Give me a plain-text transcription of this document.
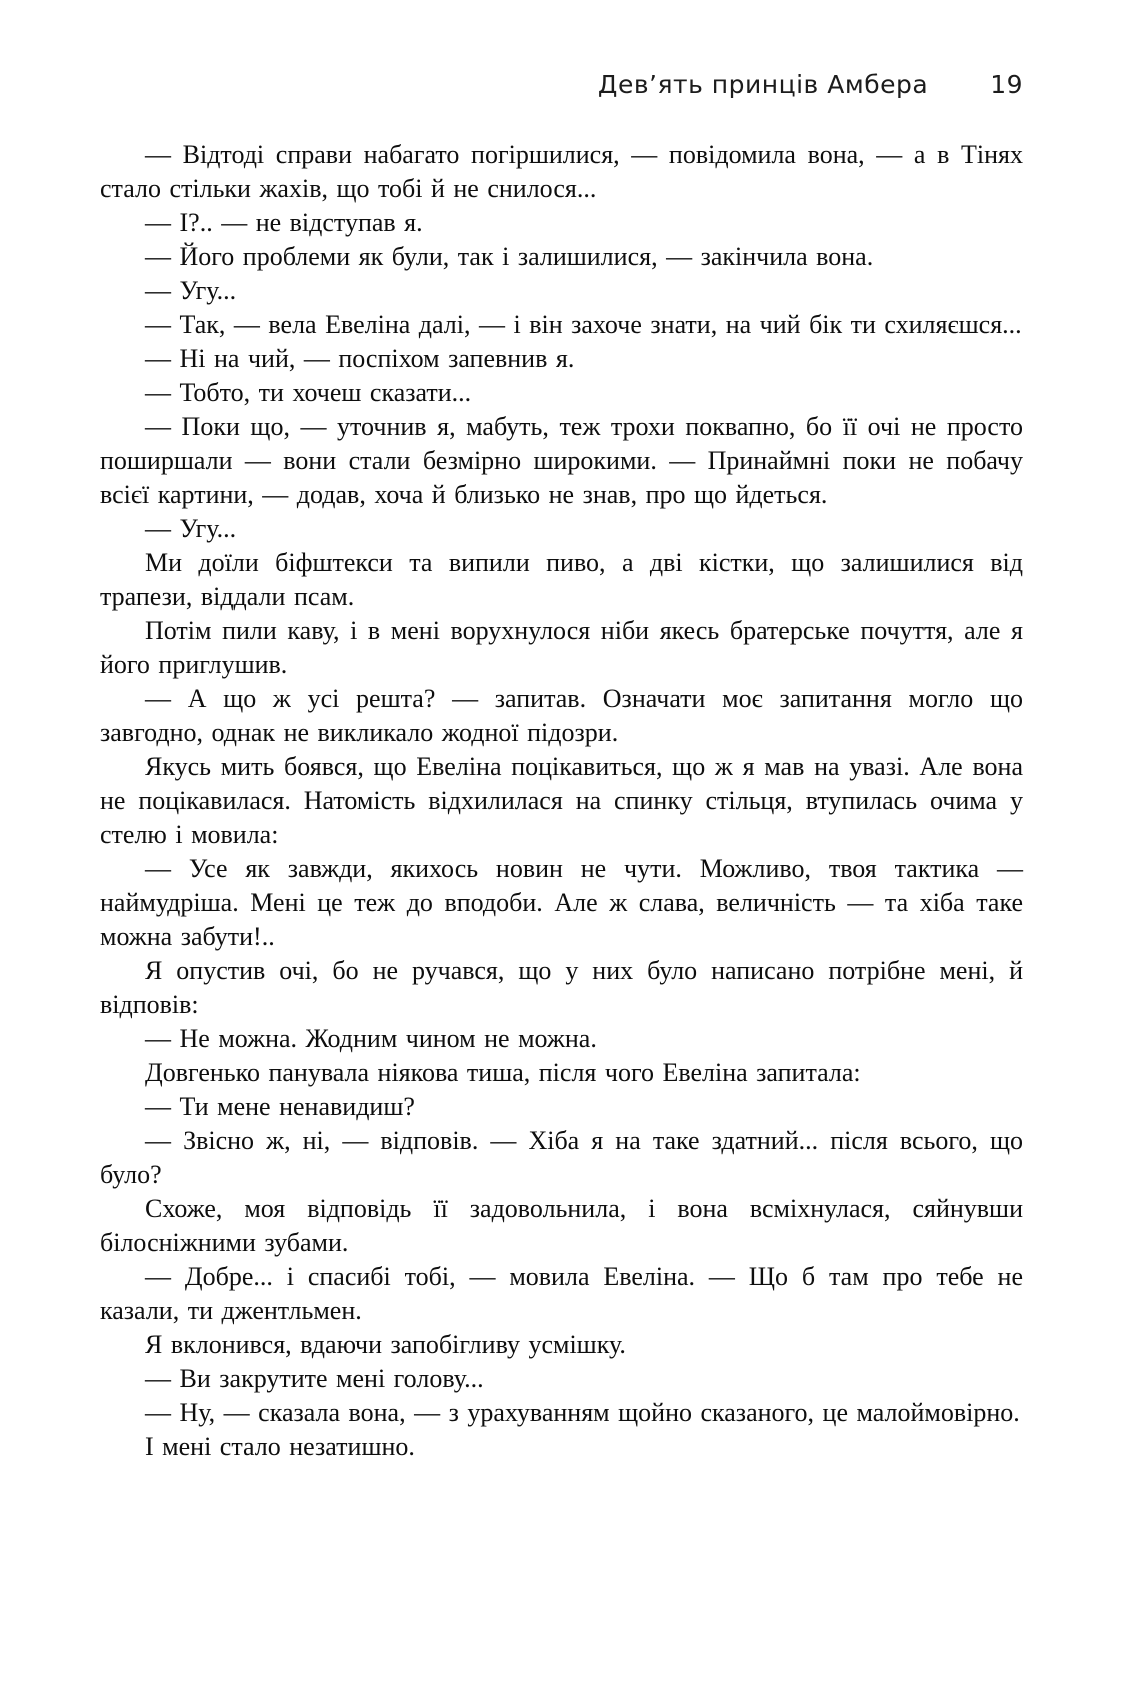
Дев’ять принців Амбера 19

— Відтоді справи набагато погіршилися, — повідомила вона, — а в Тінях стало стільки жахів, що тобі й не снилося...

— І?.. — не відступав я.

— Його проблеми як були, так і залишилися, — закінчила вона.

— Угу...

— Так, — вела Евеліна далі, — і він захоче знати, на чий бік ти схиляєшся...

— Ні на чий, — поспіхом запевнив я.

— Тобто, ти хочеш сказати...

— Поки що, — уточнив я, мабуть, теж трохи поквапно, бо її очі не просто поширшали — вони стали безмірно широкими. — Принаймні поки не побачу всієї картини, — додав, хоча й близько не знав, про що йдеться.

— Угу...

Ми доїли біфштекси та випили пиво, а дві кістки, що залишилися від трапези, віддали псам.

Потім пили каву, і в мені ворухнулося ніби якесь братерське почуття, але я його приглушив.

— А що ж усі решта? — запитав. Означати моє запитання могло що завгодно, однак не викликало жодної підозри.

Якусь мить боявся, що Евеліна поцікавиться, що ж я мав на увазі. Але вона не поцікавилася. Натомість відхилилася на спинку стільця, втупилась очима у стелю і мовила:

— Усе як завжди, якихось новин не чути. Можливо, твоя тактика — наймудріша. Мені це теж до вподоби. Але ж слава, величність — та хіба таке можна забути!..

Я опустив очі, бо не ручався, що у них було написано потрібне мені, й відповів:

— Не можна. Жодним чином не можна.

Довгенько панувала ніякова тиша, після чого Евеліна запитала:

— Ти мене ненавидиш?

— Звісно ж, ні, — відповів. — Хіба я на таке здатний... після всього, що було?

Схоже, моя відповідь її задовольнила, і вона всміхнулася, сяйнувши білосніжними зубами.

— Добре... і спасибі тобі, — мовила Евеліна. — Що б там про тебе не казали, ти джентльмен.

Я вклонився, вдаючи запобігливу усмішку.

— Ви закрутите мені голову...

— Ну, — сказала вона, — з урахуванням щойно сказаного, це малоймовірно.

І мені стало незатишно.
